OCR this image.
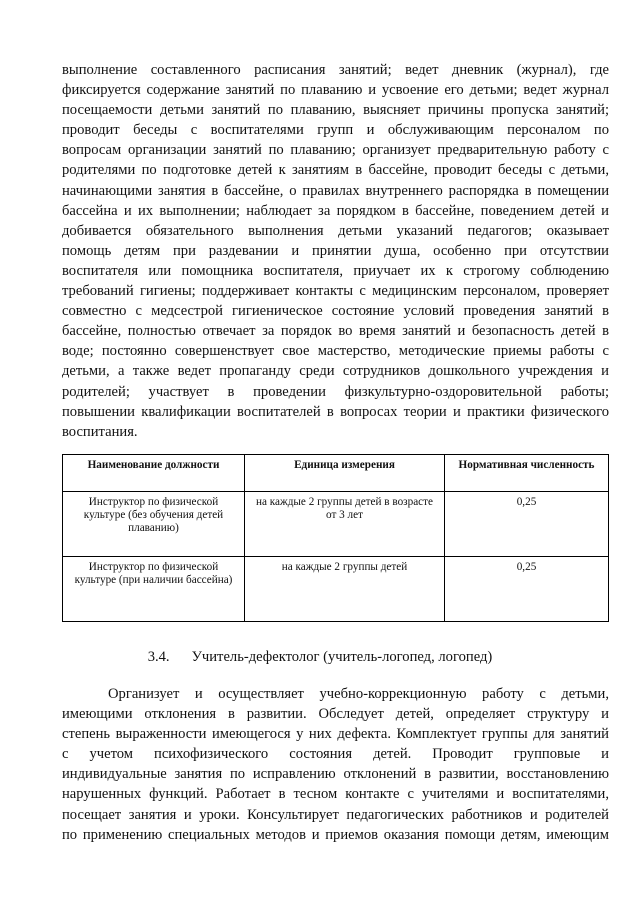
выполнение составленного расписания занятий; ведет дневник (журнал), где
фиксируется содержание занятий по плаванию и усвоение его детьми; ведет журнал
посещаемости детьми занятий по плаванию, выясняет причины пропуска занятий;
проводит беседы с воспитателями групп и обслуживающим персоналом по
вопросам организации занятий по плаванию; организует предварительную работу с
родителями по подготовке детей к занятиям в бассейне, проводит беседы с детьми,
начинающими занятия в бассейне, о правилах внутреннего распорядка в помещении
бассейна и их выполнении; наблюдает за порядком в бассейне, поведением детей и
добивается обязательного выполнения детьми указаний педагогов; оказывает
помощь детям при раздевании и принятии душа, особенно при отсутствии
воспитателя или помощника воспитателя, приучает их к строгому соблюдению
требований гигиены; поддерживает контакты с медицинским персоналом, проверяет
совместно с медсестрой гигиеническое состояние условий проведения занятий в
бассейне, полностью отвечает за порядок во время занятий и безопасность детей в
воде; постоянно совершенствует свое мастерство, методические приемы работы с
детьми, а также ведет пропаганду среди сотрудников дошкольного учреждения и
родителей; участвует в проведении физкультурно-оздоровительной работы;
повышении квалификации воспитателей в вопросах теории и практики физического
воспитания.
Наименование должности	Единица измерения	Нормативная численность
Инструктор по физической культуре (без обучения детей плаванию)	на каждые 2 группы детей в возрасте от 3 лет	0,25
Инструктор по физической культуре (при наличии бассейна)	на каждые 2 группы детей	0,25
3.4. Учитель-дефектолог (учитель-логопед, логопед)
Организует и осуществляет учебно-коррекционную работу с детьми,
имеющими отклонения в развитии. Обследует детей, определяет структуру и
степень выраженности имеющегося у них дефекта. Комплектует группы для занятий
с учетом психофизического состояния детей. Проводит групповые и
индивидуальные занятия по исправлению отклонений в развитии, восстановлению
нарушенных функций. Работает в тесном контакте с учителями и воспитателями,
посещает занятия и уроки. Консультирует педагогических работников и родителей
по применению специальных методов и приемов оказания помощи детям, имеющим
